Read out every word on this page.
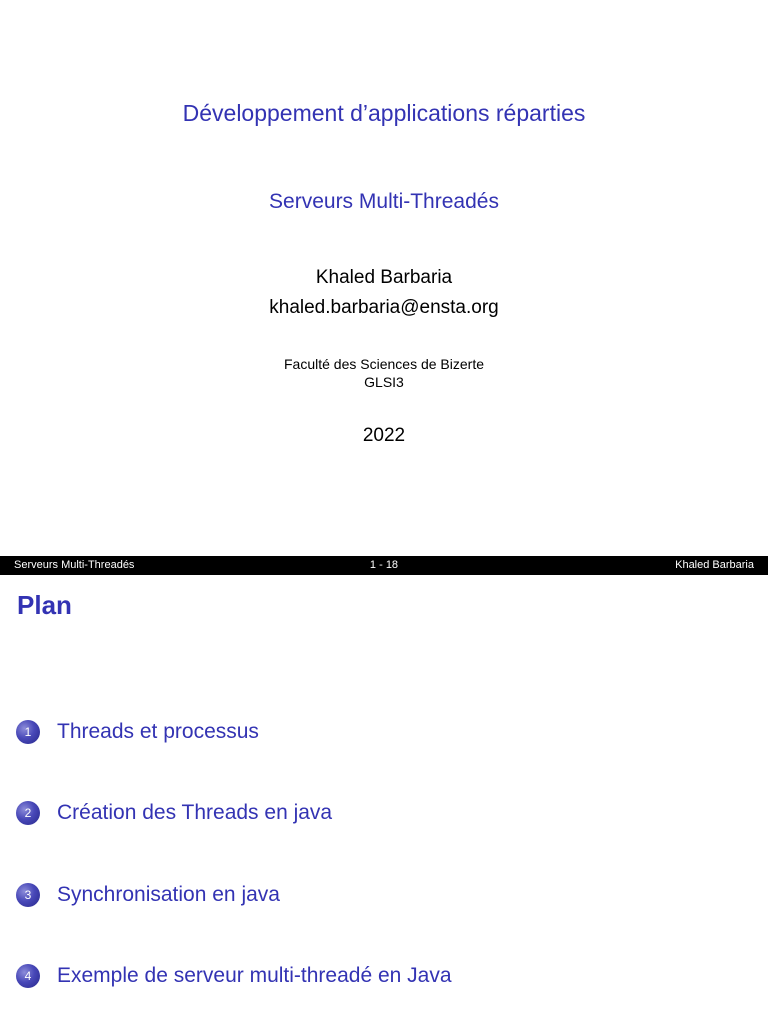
Développement d’applications réparties
Serveurs Multi-Threadés
Khaled Barbaria
khaled.barbaria@ensta.org
Faculté des Sciences de Bizerte
GLSI3
2022
1 - 18
Serveurs Multi-Threadés	Khaled Barbaria
Plan
1	Threads et processus
2	Création des Threads en java
3	Synchronisation en java
4	Exemple de serveur multi-threadé en Java
